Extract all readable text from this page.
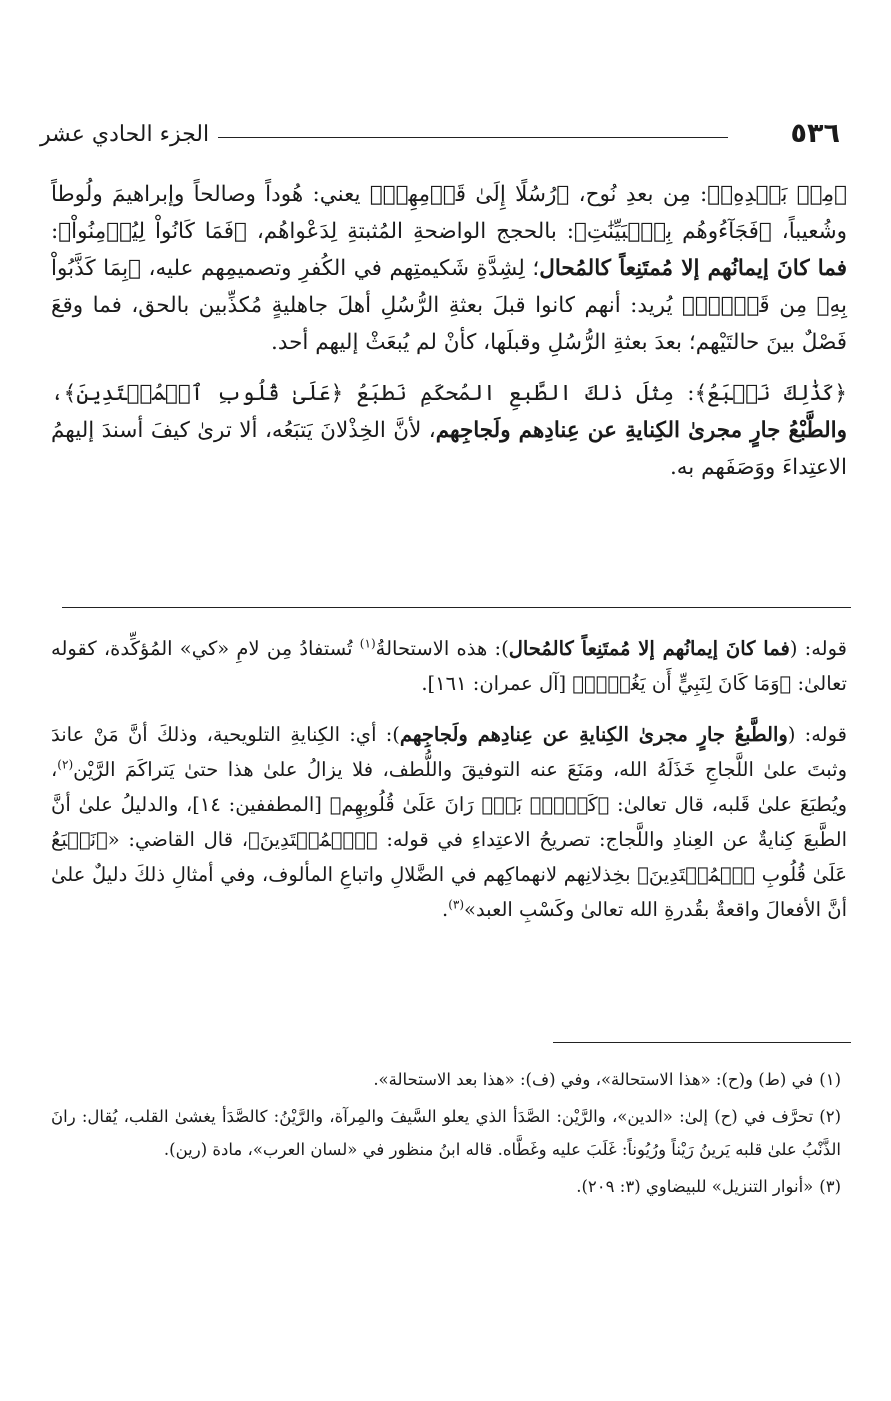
٥٣٦
الجزء الحادي عشر

﴿مِنۢ بَعۡدِهِۦ﴾: مِن بعدِ نُوح، ﴿رُسُلًا إِلَىٰ قَوۡمِهِمۡ﴾ يعني: هُوداً وصالحاً وإبراهيمَ ولُوطاً وشُعيباً، ﴿فَجَآءُوهُم بِٱلۡبَيِّنَٰتِ﴾: بالحجج الواضحةِ المُثبتةِ لِدَعْواهُم، ﴿فَمَا كَانُواْ لِيُؤۡمِنُواْ﴾: فما كانَ إيمانُهم إلا مُمتَنِعاً كالمُحال؛ لِشِدَّةِ شَكيمتِهم في الكُفرِ وتصميمِهم عليه، ﴿بِمَا كَذَّبُواْ بِهِۦ مِن قَبۡلُۚ﴾ يُريد: أنهم كانوا قبلَ بعثةِ الرُّسُلِ أهلَ جاهليةٍ مُكذِّبين بالحق، فما وقعَ فَصْلٌ بينَ حالتَيْهم؛ بعدَ بعثةِ الرُّسُلِ وقبلَها، كأنْ لم يُبعَثْ إليهم أحد.

﴿كَذَٰلِكَ نَطۡبَعُ﴾: مِثلَ ذلكَ الطَّبعِ المُحكَمِ نَطبَعُ ﴿عَلَىٰ قُلُوبِ ٱلۡمُعۡتَدِينَ﴾، والطَّبْعُ جارٍ مجرىٰ الكِنايةِ عن عِنادِهم ولَجاجِهم، لأنَّ الخِذْلانَ يَتبَعُه، ألا ترىٰ كيفَ أسندَ إليهمُ الاعتِداءَ ووَصَفَهم به.

قوله: (فما كانَ إيمانُهم إلا مُمتَنِعاً كالمُحال): هذه الاستحالةُ$^{(١)}$ تُستفادُ مِن لامِ «كي» المُؤكِّدة، كقوله تعالىٰ: ﴿وَمَا كَانَ لِنَبِيٍّ أَن يَغُلَّۚ﴾ [آل عمران: ١٦١].

قوله: (والطَّبعُ جارٍ مجرىٰ الكِنايةِ عن عِنادِهم ولَجاجِهم): أي: الكِنايةِ التلويحية، وذلكَ أنَّ مَنْ عاندَ وثبتَ علىٰ اللَّجاجِ خَذَلَهُ الله، ومَنَعَ عنه التوفيقَ واللُّطف، فلا يزالُ علىٰ هذا حتىٰ يَتراكَمَ الرَّيْن$^{(٢)}$، ويُطبَعَ علىٰ قَلبه، قال تعالىٰ: ﴿كَلَّاۖ بَلۡۜ رَانَ عَلَىٰ قُلُوبِهِم﴾ [المطففين: ١٤]، والدليلُ علىٰ أنَّ الطَّبعَ كِنايةٌ عن العِنادِ واللَّجاج: تصريحُ الاعتِداءِ في قوله: ﴿ٱلۡمُعۡتَدِينَ﴾، قال القاضي: «﴿نَطۡبَعُ عَلَىٰ قُلُوبِ ٱلۡمُعۡتَدِينَ﴾ بخِذلانِهم لانهماكِهم في الضَّلالِ واتباعِ المألوف، وفي أمثالِ ذلكَ دليلٌ علىٰ أنَّ الأفعالَ واقعةٌ بقُدرةِ الله تعالىٰ وكَسْبِ العبد»$^{(٣)}$.

(١)في (ط) و(ح): «هذا الاستحالة»، وفي (ف): «هذا بعد الاستحالة».

(٢)تحرَّف في (ح) إلىٰ: «الدين»، والرَّيْن: الصَّدَأ الذي يعلو السَّيفَ والمِرآة، والرَّيْنُ: كالصَّدَأ يغشىٰ القلب، يُقال: رانَ الذَّنْبُ علىٰ قلبه يَرينُ رَيْناً ورُيُوناً: غَلَبَ عليه وغَطَّاه. قاله ابنُ منظور في «لسان العرب»، مادة (رين).

(٣)«أنوار التنزيل» للبيضاوي (٣: ٢٠٩).
